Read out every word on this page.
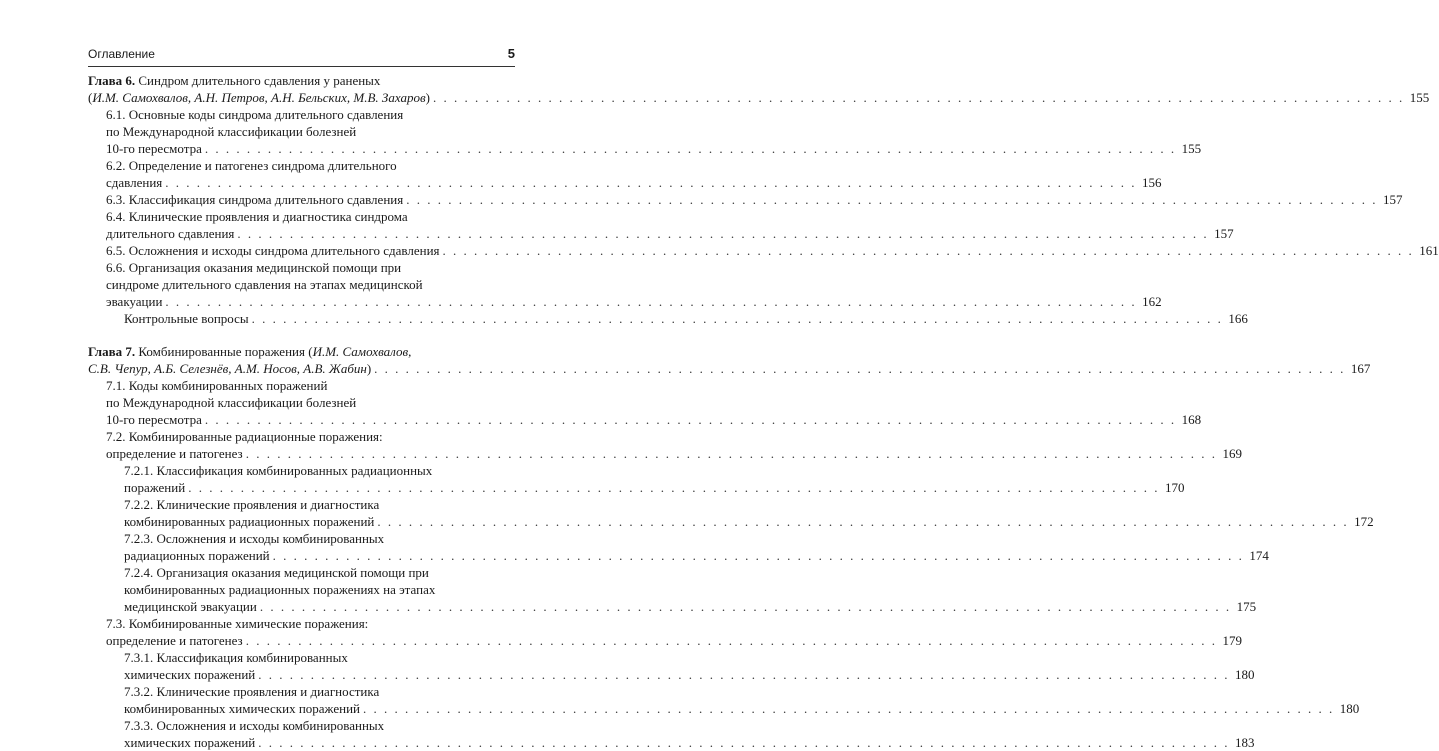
Оглавление	5
Глава 6. Синдром длительного сдавления у раненых
(И.М. Самохвалов, А.Н. Петров, А.Н. Бельских, М.В. Захаров) . . .	155
6.1. Основные коды синдрома длительного сдавления
по Международной классификации болезней
10-го пересмотра . . .	155
6.2. Определение и патогенез синдрома длительного
сдавления . . .	156
6.3. Классификация синдрома длительного сдавления . . .	157
6.4. Клинические проявления и диагностика синдрома
длительного сдавления . . .	157
6.5. Осложнения и исходы синдрома длительного сдавления . . .	161
6.6. Организация оказания медицинской помощи при
синдроме длительного сдавления на этапах медицинской
эвакуации . . .	162
Контрольные вопросы . . .	166
Глава 7. Комбинированные поражения (И.М. Самохвалов,
С.В. Чепур, А.Б. Селезнёв, А.М. Носов, А.В. Жабин) . . .	167
7.1. Коды комбинированных поражений
по Международной классификации болезней
10-го пересмотра . . .	168
7.2. Комбинированные радиационные поражения:
определение и патогенез . . .	169
7.2.1. Классификация комбинированных радиационных
поражений . . .	170
7.2.2. Клинические проявления и диагностика
комбинированных радиационных поражений . . .	172
7.2.3. Осложнения и исходы комбинированных
радиационных поражений . . .	174
7.2.4. Организация оказания медицинской помощи при
комбинированных радиационных поражениях на этапах
медицинской эвакуации . . .	175
7.3. Комбинированные химические поражения:
определение и патогенез . . .	179
7.3.1. Классификация комбинированных
химических поражений . . .	180
7.3.2. Клинические проявления и диагностика
комбинированных химических поражений . . .	180
7.3.3. Осложнения и исходы комбинированных
химических поражений . . .	183
